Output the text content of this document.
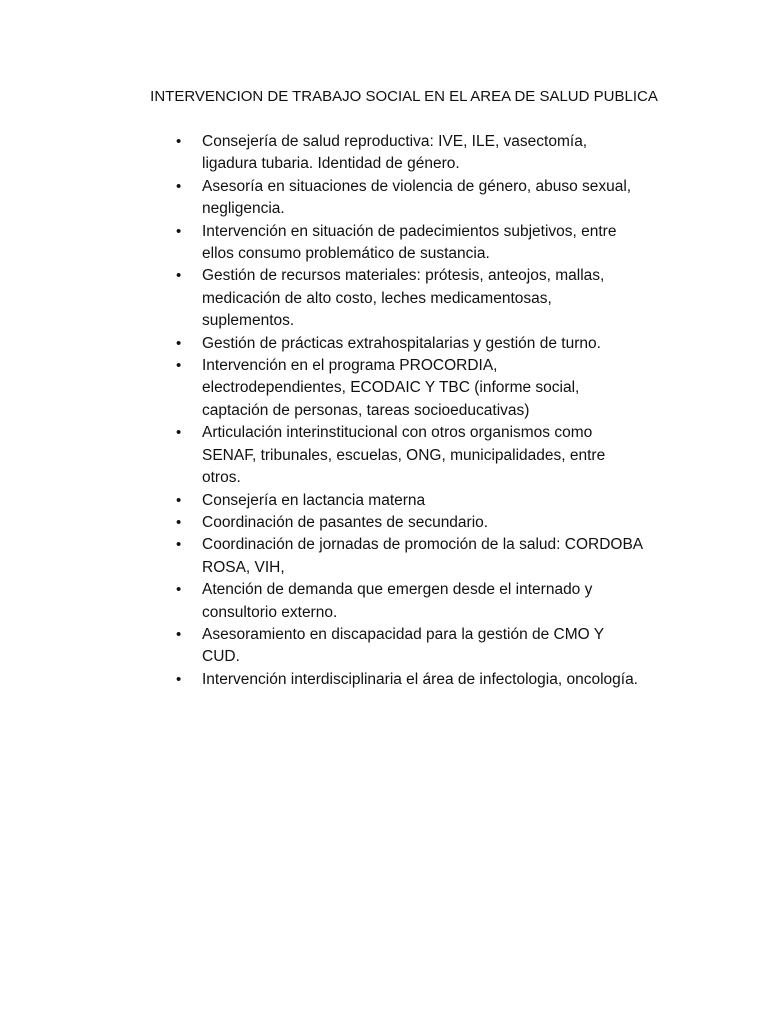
INTERVENCION DE TRABAJO SOCIAL EN EL AREA DE SALUD PUBLICA
• Consejería de salud reproductiva: IVE, ILE, vasectomía, ligadura tubaria. Identidad de género.
• Asesoría en situaciones de violencia de género, abuso sexual, negligencia.
• Intervención en situación de padecimientos subjetivos, entre ellos consumo problemático de sustancia.
• Gestión de recursos materiales: prótesis, anteojos, mallas, medicación de alto costo, leches medicamentosas, suplementos.
• Gestión de prácticas extrahospitalarias y gestión de turno.
• Intervención en el programa PROCORDIA, electrodependientes, ECODAIC Y TBC (informe social, captación de personas, tareas socioeducativas)
• Articulación interinstitucional con otros organismos como SENAF, tribunales, escuelas, ONG, municipalidades, entre otros.
• Consejería en lactancia materna
• Coordinación de pasantes de secundario.
• Coordinación de jornadas de promoción de la salud: CORDOBA ROSA, VIH,
• Atención de demanda que emergen desde el internado y consultorio externo.
• Asesoramiento en discapacidad para la gestión de CMO Y CUD.
• Intervención interdisciplinaria el área de infectologia, oncología.
